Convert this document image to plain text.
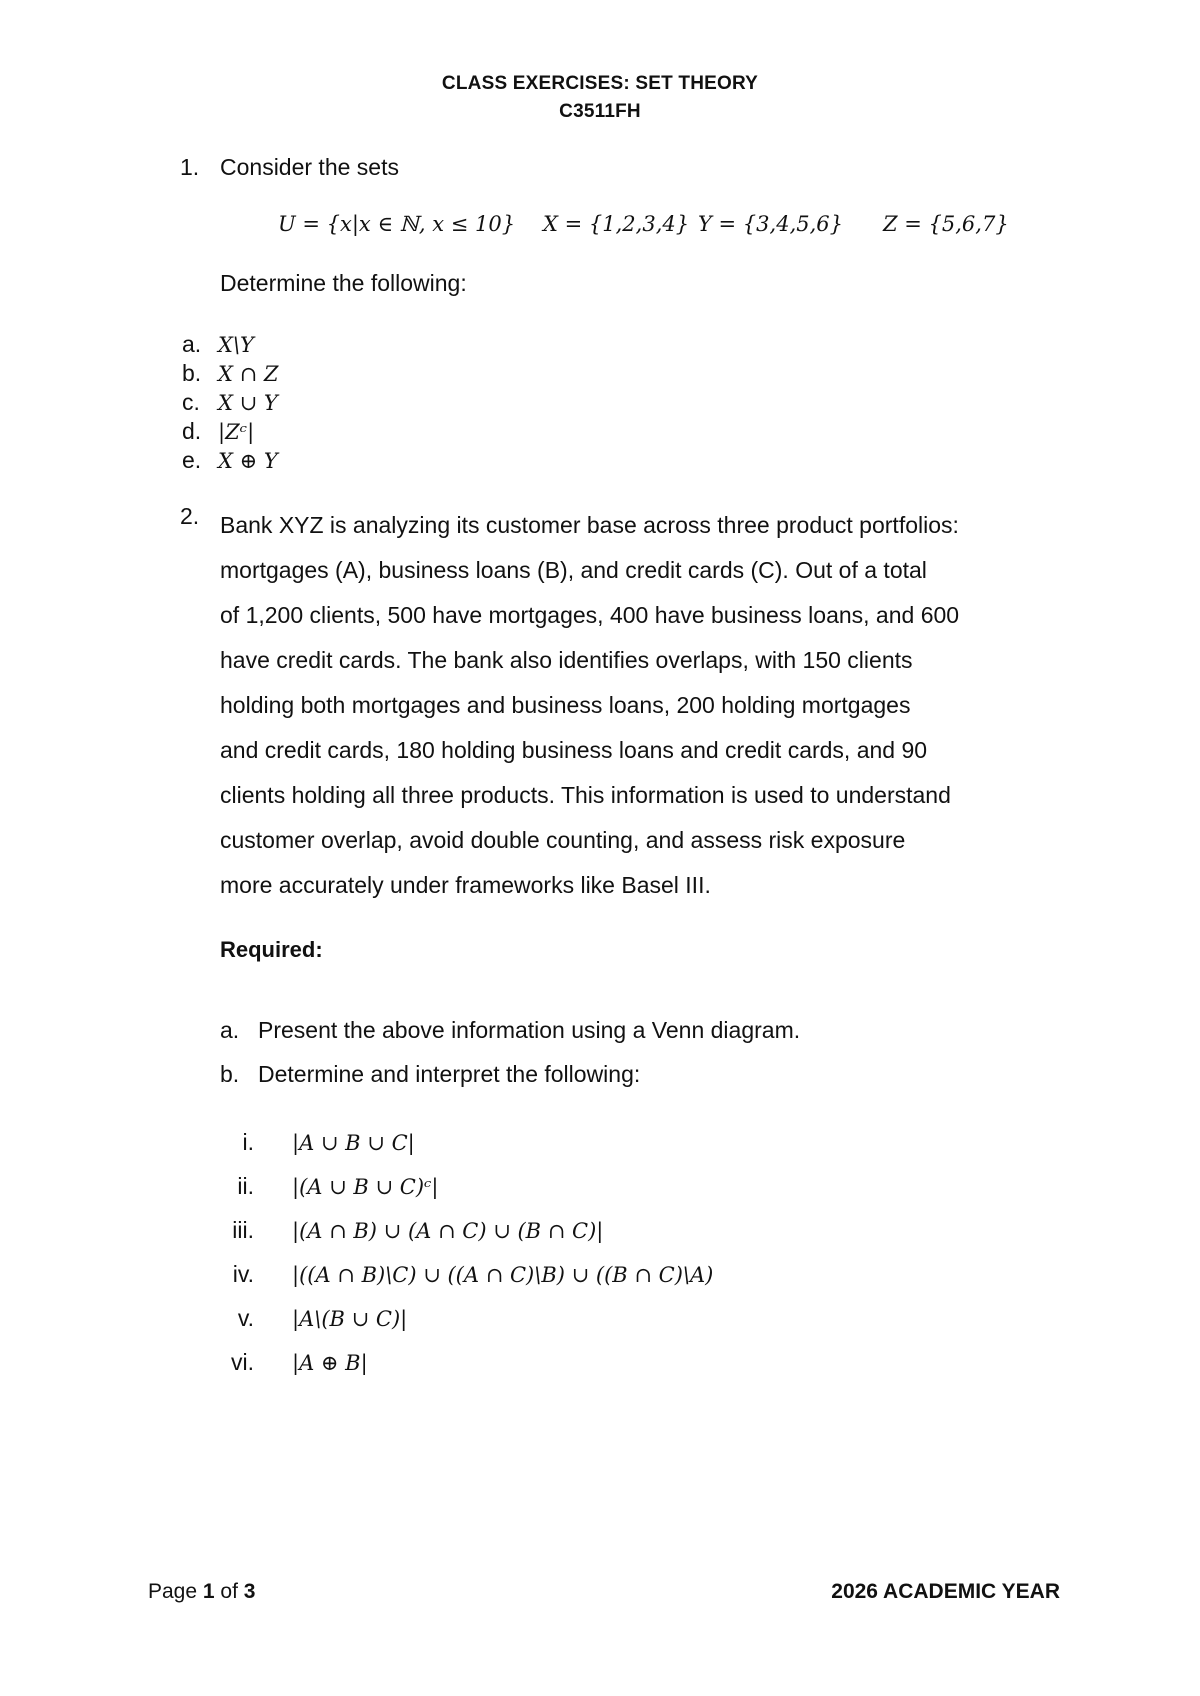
CLASS EXERCISES: SET THEORY
C3511FH
1. Consider the sets
U = {x|x ∈ ℕ, x ≤ 10} X = {1,2,3,4} Y = {3,4,5,6} Z = {5,6,7}
Determine the following:
a. X\Y
b. X ∩ Z
c. X ∪ Y
d. |Zᶜ|
e. X ⊕ Y
2. Bank XYZ is analyzing its customer base across three product portfolios:
mortgages (A), business loans (B), and credit cards (C). Out of a total
of 1,200 clients, 500 have mortgages, 400 have business loans, and 600
have credit cards. The bank also identifies overlaps, with 150 clients
holding both mortgages and business loans, 200 holding mortgages
and credit cards, 180 holding business loans and credit cards, and 90
clients holding all three products. This information is used to understand
customer overlap, avoid double counting, and assess risk exposure
more accurately under frameworks like Basel III.
Required:
a. Present the above information using a Venn diagram.
b. Determine and interpret the following:
i. |A ∪ B ∪ C|
ii. |(A ∪ B ∪ C)ᶜ|
iii. |(A ∩ B) ∪ (A ∩ C) ∪ (B ∩ C)|
iv. |((A ∩ B)\C) ∪ ((A ∩ C)\B) ∪ ((B ∩ C)\A)
v. |A\(B ∪ C)|
vi. |A ⊕ B|
Page 1 of 3	2026 ACADEMIC YEAR
